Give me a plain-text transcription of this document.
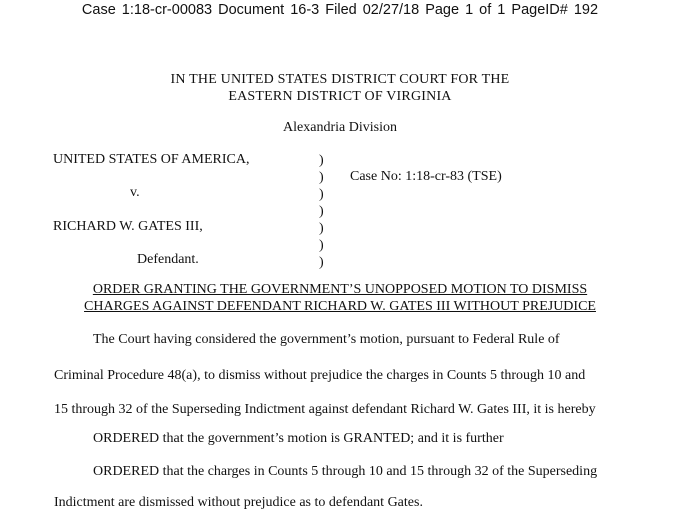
Case 1:18-cr-00083 Document 16-3 Filed 02/27/18 Page 1 of 1 PageID# 192
IN THE UNITED STATES DISTRICT COURT FOR THE
EASTERN DISTRICT OF VIRGINIA
Alexandria Division
UNITED STATES OF AMERICA,
v.
RICHARD W. GATES III,
Defendant.
)
)
)
)
)
)
)
Case No: 1:18-cr-83 (TSE)
ORDER GRANTING THE GOVERNMENT’S UNOPPOSED MOTION TO DISMISS
CHARGES AGAINST DEFENDANT RICHARD W. GATES III WITHOUT PREJUDICE
The Court having considered the government’s motion, pursuant to Federal Rule of
Criminal Procedure 48(a), to dismiss without prejudice the charges in Counts 5 through 10 and
15 through 32 of the Superseding Indictment against defendant Richard W. Gates III, it is hereby
ORDERED that the government’s motion is GRANTED; and it is further
ORDERED that the charges in Counts 5 through 10 and 15 through 32 of the Superseding
Indictment are dismissed without prejudice as to defendant Gates.
